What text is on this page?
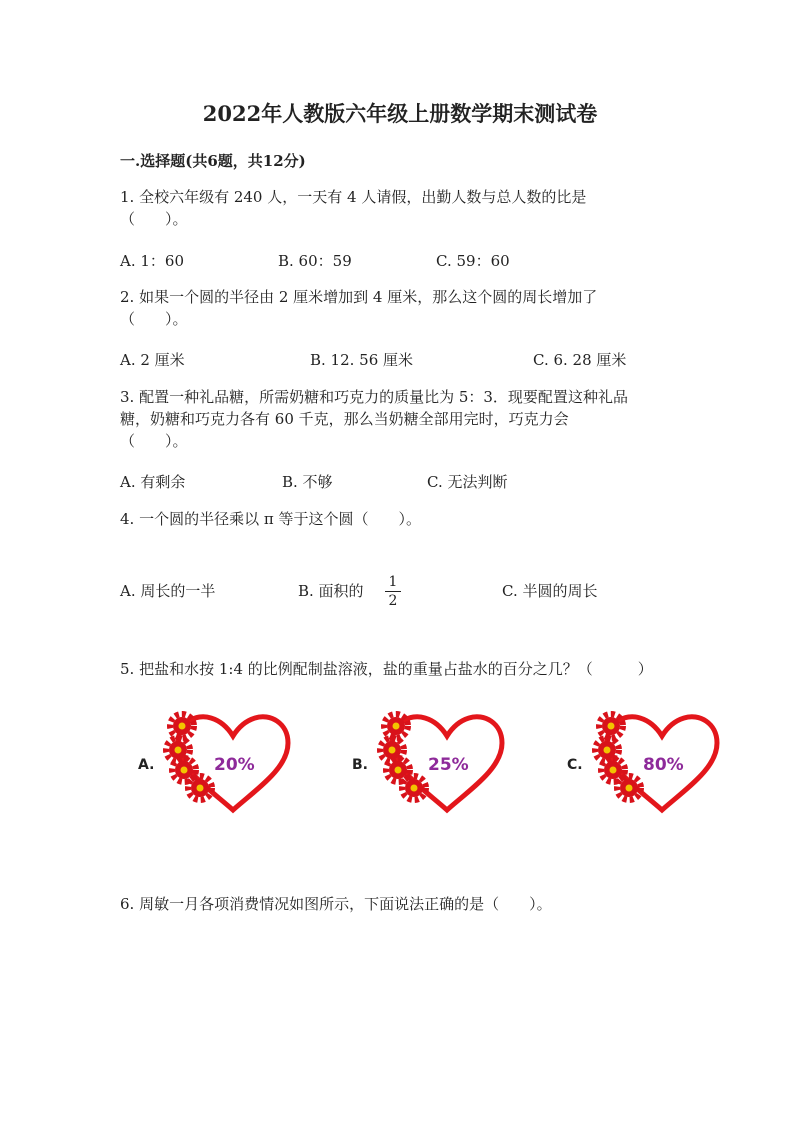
2022年人教版六年级上册数学期末测试卷
一.选择题(共6题，共12分)
1. 全校六年级有 240 人，一天有 4 人请假，出勤人数与总人数的比是
（　　）。
A. 1：60	B. 60：59	C. 59：60
2. 如果一个圆的半径由 2 厘米增加到 4 厘米，那么这个圆的周长增加了
（　　）。
A. 2 厘米	B. 12. 56 厘米	C. 6. 28 厘米
3. 配置一种礼品糖，所需奶糖和巧克力的质量比为 5：3．现要配置这种礼品
糖，奶糖和巧克力各有 60 千克，那么当奶糖全部用完时，巧克力会
（　　）。
A. 有剩余	B. 不够	C. 无法判断
4. 一个圆的半径乘以 π 等于这个圆（　　）。
A. 周长的一半	B. 面积的 1
2
C. 半圆的周长
5. 把盐和水按 1:4 的比例配制盐溶液，盐的重量占盐水的百分之几？（　　　）
20%
A.	25%
B.	80%
C.
6. 周敏一月各项消费情况如图所示，下面说法正确的是（　　）。
